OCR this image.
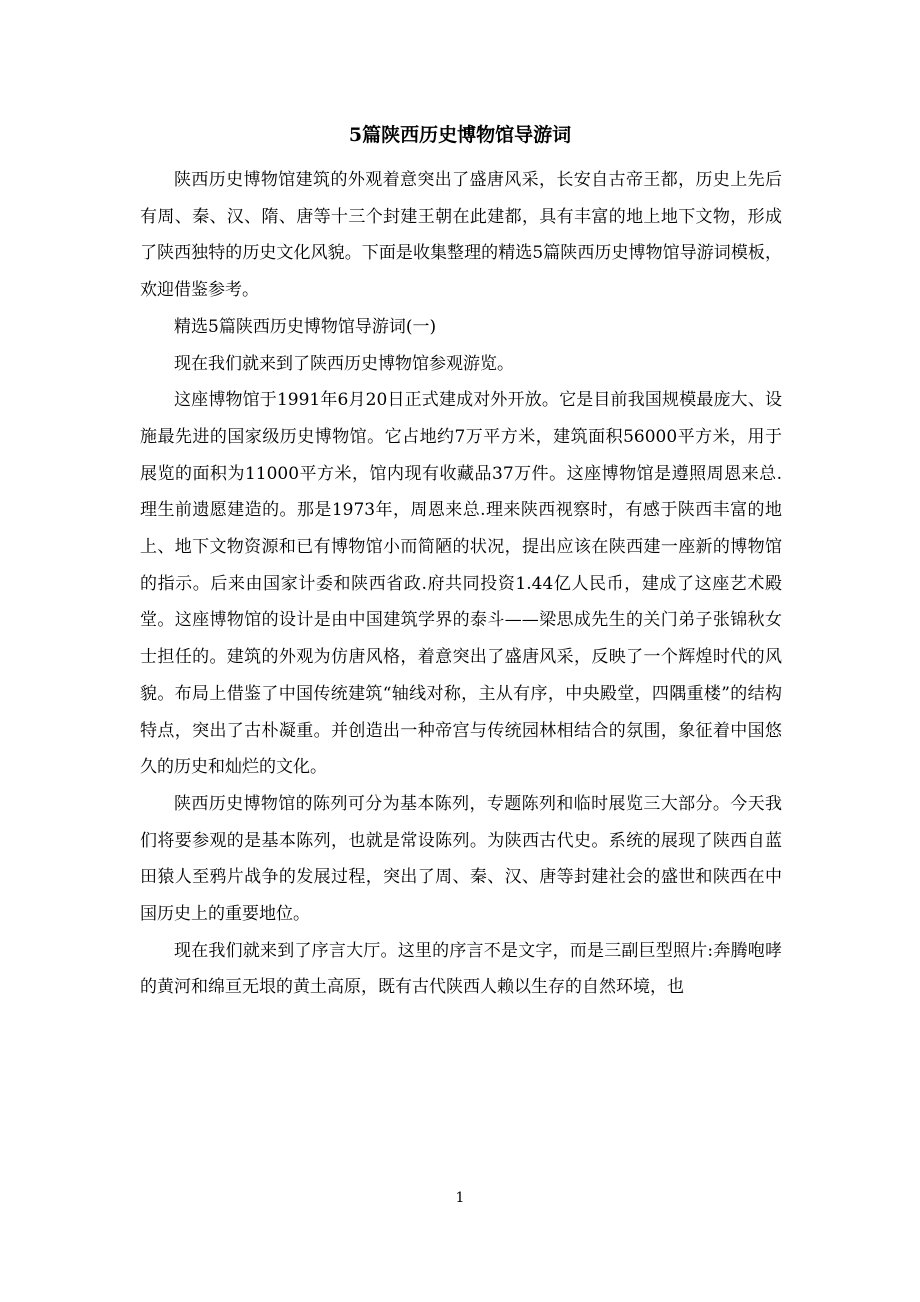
5篇陕西历史博物馆导游词

陕西历史博物馆建筑的外观着意突出了盛唐风采，长安自古帝王都，历史上先后有周、秦、汉、隋、唐等十三个封建王朝在此建都，具有丰富的地上地下文物，形成了陕西独特的历史文化风貌。下面是收集整理的精选5篇陕西历史博物馆导游词模板，欢迎借鉴参考。

精选5篇陕西历史博物馆导游词(一)

现在我们就来到了陕西历史博物馆参观游览。

这座博物馆于1991年6月20日正式建成对外开放。它是目前我国规模最庞大、设施最先进的国家级历史博物馆。它占地约7万平方米，建筑面积56000平方米，用于展览的面积为11000平方米，馆内现有收藏品37万件。这座博物馆是遵照周恩来总.理生前遗愿建造的。那是1973年，周恩来总.理来陕西视察时，有感于陕西丰富的地上、地下文物资源和已有博物馆小而简陋的状况，提出应该在陕西建一座新的博物馆的指示。后来由国家计委和陕西省政.府共同投资1.44亿人民币，建成了这座艺术殿堂。这座博物馆的设计是由中国建筑学界的泰斗——梁思成先生的关门弟子张锦秋女士担任的。建筑的外观为仿唐风格，着意突出了盛唐风采，反映了一个辉煌时代的风貌。布局上借鉴了中国传统建筑“轴线对称，主从有序，中央殿堂，四隅重楼”的结构特点，突出了古朴凝重。并创造出一种帝宫与传统园林相结合的氛围，象征着中国悠久的历史和灿烂的文化。

陕西历史博物馆的陈列可分为基本陈列，专题陈列和临时展览三大部分。今天我们将要参观的是基本陈列，也就是常设陈列。为陕西古代史。系统的展现了陕西自蓝田猿人至鸦片战争的发展过程，突出了周、秦、汉、唐等封建社会的盛世和陕西在中国历史上的重要地位。

现在我们就来到了序言大厅。这里的序言不是文字，而是三副巨型照片:奔腾咆哮的黄河和绵亘无垠的黄土高原，既有古代陕西人赖以生存的自然环境，也

1
